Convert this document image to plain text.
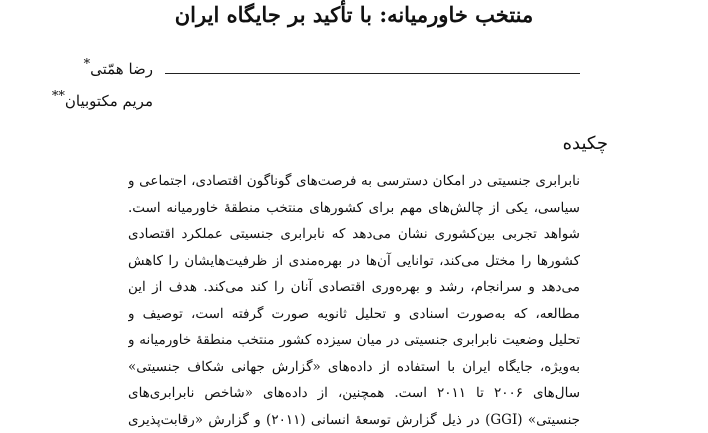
منتخب خاورمیانه: با تأکید بر جایگاه ایران
رضا همّتی*
مریم مکتوبیان**
چکیده
نابرابری جنسیتی در امکان دسترسی به فرصت‌های گوناگون اقتصادی، اجتماعی و
سیاسی، یکی از چالش‌های مهم برای کشورهای منتخب منطقهٔ خاورمیانه است.
شواهد تجربی بین‌کشوری نشان می‌دهد که نابرابری جنسیتی عملکرد اقتصادی
کشورها را مختل می‌کند، توانایی آن‌ها در بهره‌مندی از ظرفیت‌هایشان را کاهش
می‌دهد و سرانجام، رشد و بهره‌وری اقتصادی آنان را کند می‌کند. هدف از این
مطالعه، که به‌صورت اسنادی و تحلیل ثانویه صورت گرفته است، توصیف و
تحلیل وضعیت نابرابری جنسیتی در میان سیزده کشور منتخب منطقهٔ خاورمیانه و
به‌ویژه، جایگاه ایران با استفاده از داده‌های «گزارش جهانی شکاف جنسیتی»
سال‌های ۲۰۰۶ تا ۲۰۱۱ است. همچنین، از داده‌های «شاخص نابرابری‌های
جنسیتی» (GGI) در ذیل گزارش توسعهٔ انسانی (۲۰۱۱) و گزارش «رقابت‌پذیری
